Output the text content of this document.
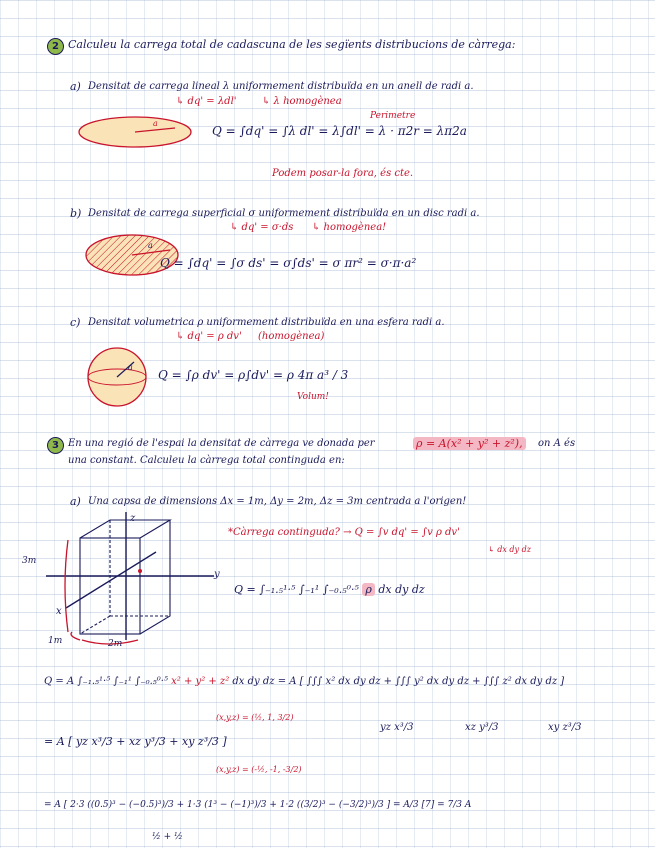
2 Calculeu la carrega total de cadascuna de les segïents distribucions de càrrega:
a) Densitat de carrega lineal λ uniformement distribuïda en un anell de radi a.
↳ dq' = λdl'	↳ λ homogènea
Perimetre
a
Q = ∫dq' = ∫λ dl' = λ∫dl' = λ · π2r = λπ2a
Podem posar-la fora, és cte.
b) Densitat de carrega superficial σ uniformement distribuïda en un disc radi a.
↳ dq' = σ·ds ↳ homogènea!
a
Q = ∫dq' = ∫σ ds' = σ∫ds' = σ πr² = σ·π·a²
c) Densitat volumetrica ρ uniformement distribuïda en una esfera radi a.
↳ dq' = ρ dv' (homogènea)
a
Q = ∫ρ dv' = ρ∫dv' = ρ 4π a³ / 3
Volum!
3 En una regió de l'espai la densitat de càrrega ve donada per	ρ = A(x² + y² + z²),	on A és
una constant. Calculeu la càrrega total continguda en:
a) Una capsa de dimensions Δx = 1m, Δy = 2m, Δz = 3m centrada a l'origen!
*Càrrega continguda? → Q = ∫v dq' = ∫v ρ dv'
↳ dx dy dz
3m
1m	2m
x
y
z
Q = ∫₋₁.₅¹·⁵ ∫₋₁¹ ∫₋₀.₅⁰·⁵ ρ dx dy dz
Q = A ∫₋₁.₅¹·⁵ ∫₋₁¹ ∫₋₀.₅⁰·⁵ x² + y² + z² dx dy dz = A [ ∫∫∫ x² dx dy dz + ∫∫∫ y² dx dy dz + ∫∫∫ z² dx dy dz ]
(x,y,z) = (½, 1, 3/2)
yz x³/3	xz y³/3	xy z³/3
= A [ yz x³/3 + xz y³/3 + xy z³/3 ]
(x,y,z) = (-½, -1, -3/2)
= A [ 2·3 ((0.5)³ − (−0.5)³)/3 + 1·3 (1³ − (−1)³)/3 + 1·2 ((3/2)³ − (−3/2)³)/3 ] = A/3 [7] = 7/3 A
½ + ½
